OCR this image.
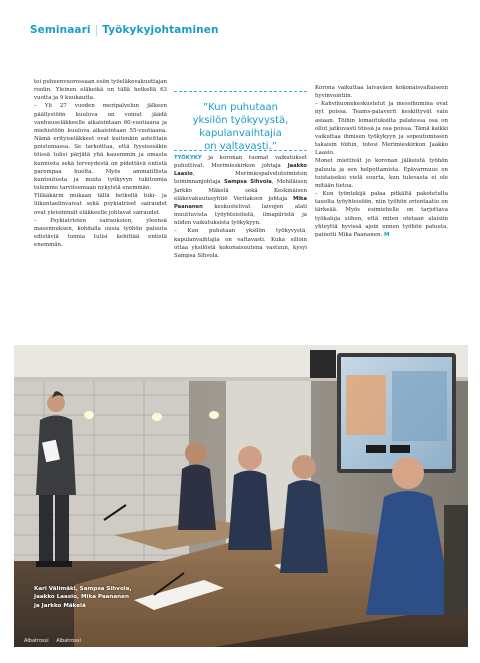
Seminaari | Työkykyjohtaminen

toi puheenvuorossaan esiin työeläkevakuuttajan roolin. Yleinen eläkeikä on tällä hetkellä 63 vuotta ja 9 kuukautta.

– Yli 27 vuoden meripalvelun jälkeen päällystöön kuuluva on voinut jäädä vanhuuseläkkeelle aikaisintaan 60-vuotiaana ja miehistöön kuuluva aikaisintaan 55-vuotiaana. Nämä erityiseläkkeet ovat kuitenkin asteittain poistumassa. Se tarkoittaa, että fyysisesäkin töissä tulisi pärjätä yhä kauemmin ja omasta kunnosta sekä terveydestä on pidettävä entistä parempaa huolta. Myös ammatillista kuntoutusta ja muita työkyvyn tukitoimia tulemme tarvitsemaan nykyistä enemmän.

Ylilääkärin mukaan tällä hetkellä tuki- ja liikuntaelinvaivat sekä psykiatriset sairaudet ovat yleisimmät eläkkeelle johtavat sairaudet.

– Psykiatristen sairauksien, yleensä masennuksen, kohdalla uusia työhön paluuta edistäviä toimia tulisi kehittää entistä enemmän.

”Kun puhutaan
yksilön työkyvystä,
kapulanvaihtajia
on valtavasti.”

TYÖKYKY ja koronan tuomat vaikutukset puhuttivat. Merimieskirkon johtaja Jaakko Laasio, Merimiespalvelutoimiston toiminnanjohtaja Sampsa Sihvola, Mehiläisen Jarkko Mäkelä sekä Keskinäisen eläkevakuutusyhtiö Veritaksen johtaja Mika Paananen keskustelivat laivojen alati muuttuvista työyhteisöistä, ilmapiiristä ja niiden vaikutuksista työkykyyn.

– Kun puhutaan yksilön työkyvystä, kapulanvaihtajia on valtavasti. Kuka silloin ottaa yksilöstä kokonaisuutena vastuun, kysyi Sampsa Sihvola.

Korona vaikuttaa laivaväen kokonaisvaltaiseen hyvinvointiin.

– Kahvihuonekeskustelut ja messihumina ovat nyt poissa. Teams-palaverit keskittyvät vain asiaan. Töihin lomautuksilta palatessa osa on ollut jatkuvasti töissä ja osa poissa. Tämä kaikki vaikuttaa ihmisen työkykyyn ja sopeutumiseen takaisin töihin, totesi Merimieskirkon Jaakko Laasio.

Monet miettivät jo koronan jälkeistä työhön paluuta ja sen helpottamista. Epävarmuus on toistaiseksi vielä suurta, kun tulevasta ei ole mitään tietoa.

– Kun työntekijä palaa pitkältä pakotetulta tauolta työyhteisöön, niin työhön orientaatio on tärkeää. Myös esimiehelle on tarjottava työkaluja siihen, että miten otetaan alaisiin yhteyttä hyvissä ajoin ennen työhön paluuta, painotti Mika Paananen. M

Kari Välimäki, Sampsa Sihvola,
Jaakko Laasio, Mika Paananen
ja Jarkko Mäkelä
Albatrossi Albatrossi
